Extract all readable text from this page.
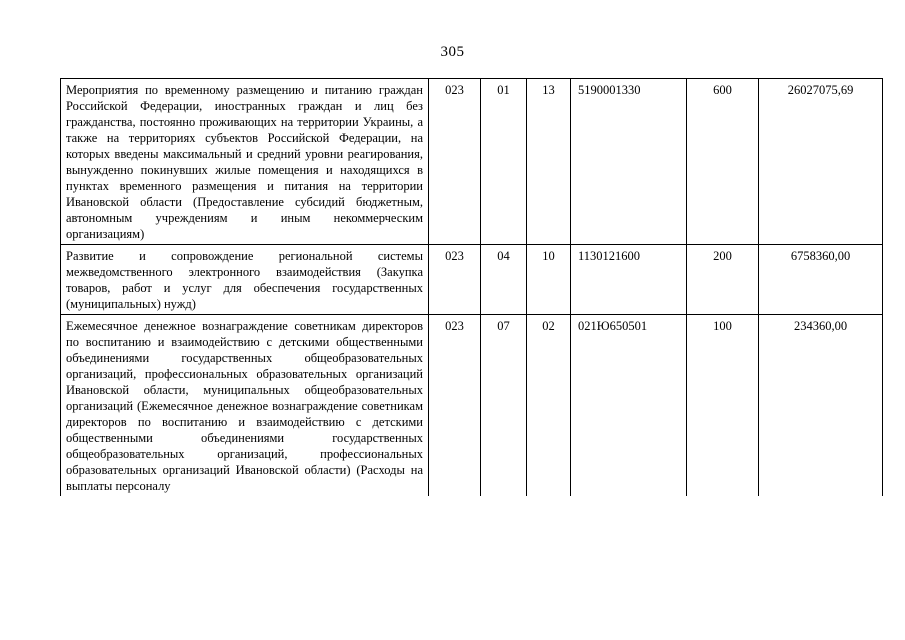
305
Мероприятия по временному размещению и питанию граждан Российской Федерации, иностранных граждан и лиц без гражданства, постоянно проживающих на территории Украины, а также на территориях субъектов Российской Федерации, на которых введены максимальный и средний уровни реагирования, вынужденно покинувших жилые помещения и находящихся в пунктах временного размещения и питания на территории Ивановской области (Предоставление субсидий бюджетным, автономным учреждениям и иным некоммерческим организациям)	023	01	13	5190001330	600	26027075,69
Развитие и сопровождение региональной системы межведомственного электронного взаимодействия (Закупка товаров, работ и услуг для обеспечения государственных (муниципальных) нужд)	023	04	10	1130121600	200	6758360,00
Ежемесячное денежное вознаграждение советникам директоров по воспитанию и взаимодействию с детскими общественными объединениями государственных общеобразовательных организаций, профессиональных образовательных организаций Ивановской области, муниципальных общеобразовательных организаций (Ежемесячное денежное вознаграждение советникам директоров по воспитанию и взаимодействию с детскими общественными объединениями государственных общеобразовательных организаций, профессиональных образовательных организаций Ивановской области) (Расходы на выплаты персоналу	023	07	02	021Ю650501	100	234360,00
